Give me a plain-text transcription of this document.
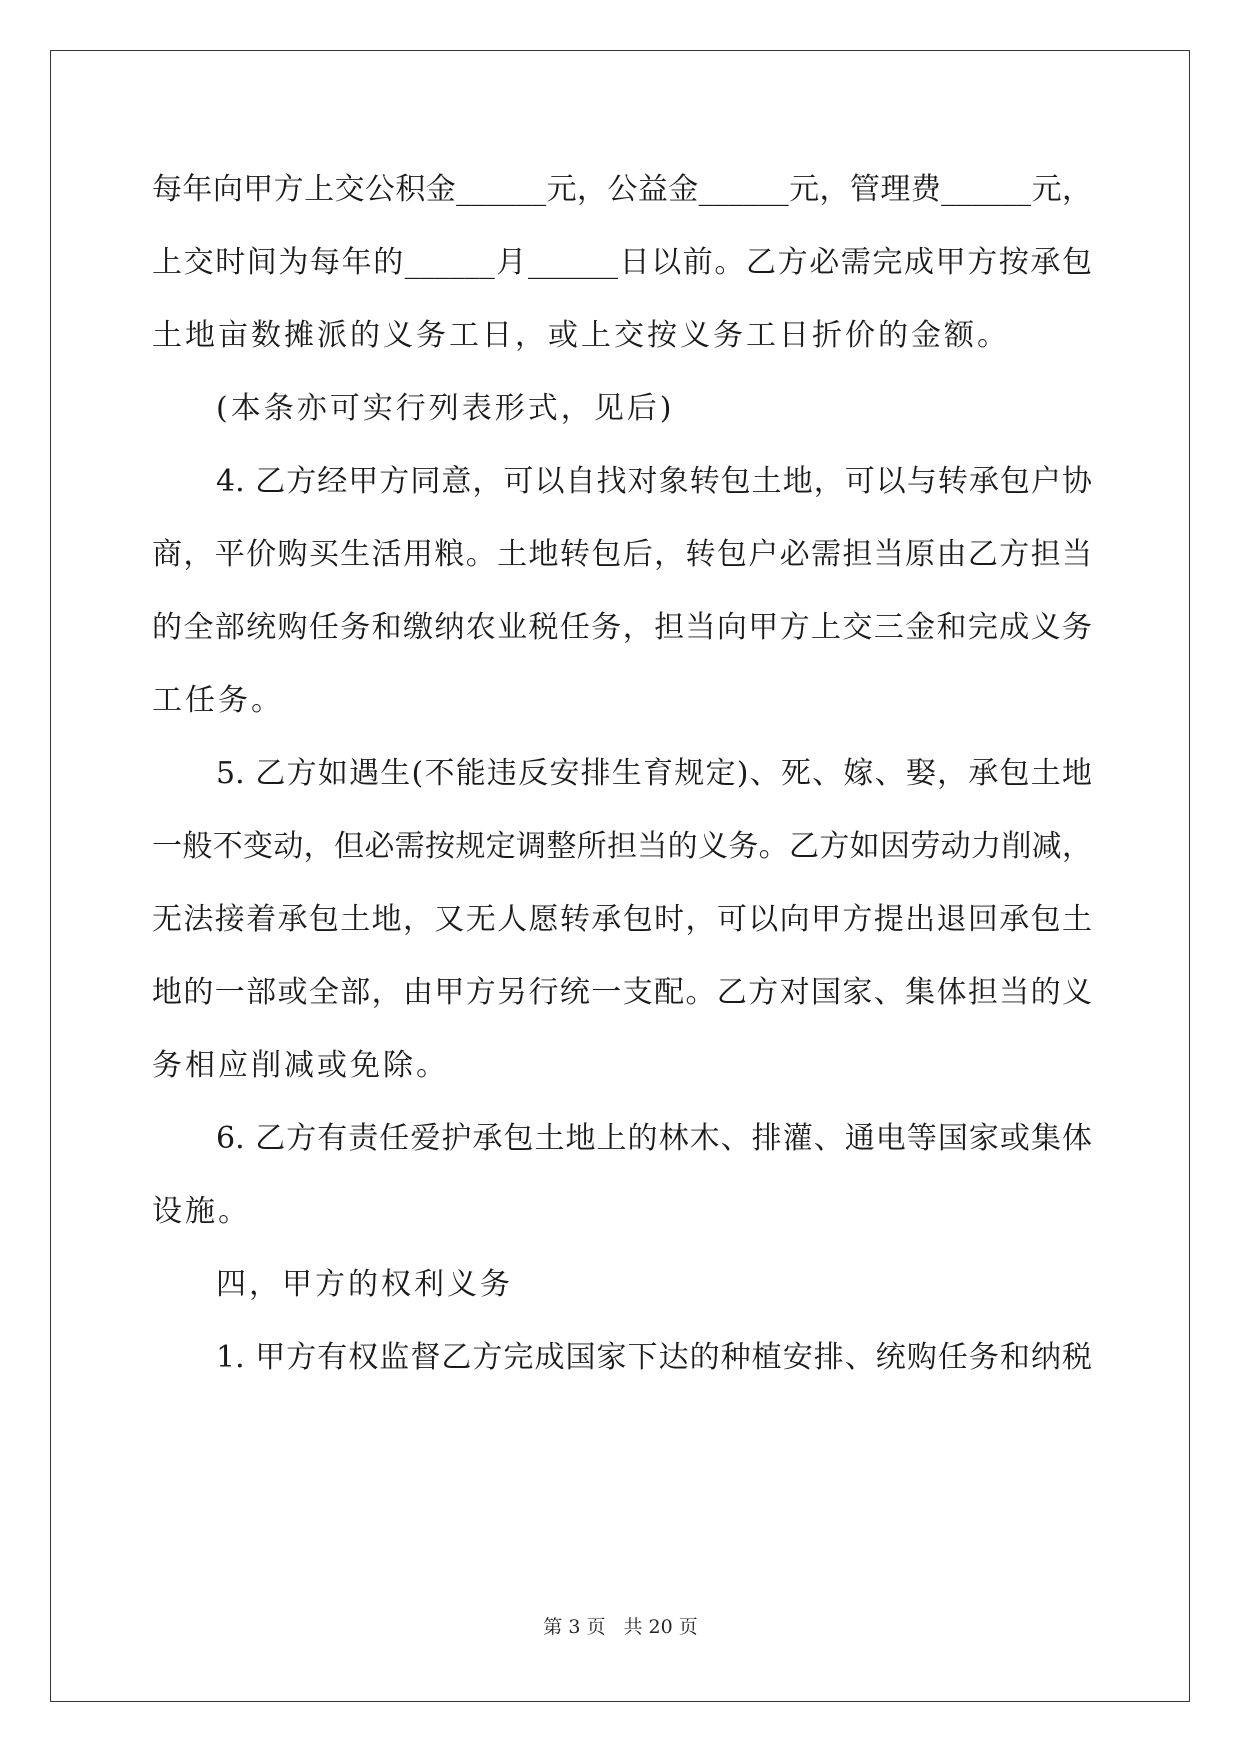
每年向甲方上交公积金______元，公益金______元，管理费______元，
上交时间为每年的______月______日以前。乙方必需完成甲方按承包
土地亩数摊派的义务工日，或上交按义务工日折价的金额。
(本条亦可实行列表形式，见后)
4. 乙方经甲方同意，可以自找对象转包土地，可以与转承包户协
商，平价购买生活用粮。土地转包后，转包户必需担当原由乙方担当
的全部统购任务和缴纳农业税任务，担当向甲方上交三金和完成义务
工任务。
5. 乙方如遇生(不能违反安排生育规定)、死、嫁、娶，承包土地
一般不变动，但必需按规定调整所担当的义务。乙方如因劳动力削减，
无法接着承包土地，又无人愿转承包时，可以向甲方提出退回承包土
地的一部或全部，由甲方另行统一支配。乙方对国家、集体担当的义
务相应削减或免除。
6. 乙方有责任爱护承包土地上的林木、排灌、通电等国家或集体
设施。
四，甲方的权利义务
1. 甲方有权监督乙方完成国家下达的种植安排、统购任务和纳税
第 3 页 共 20 页
